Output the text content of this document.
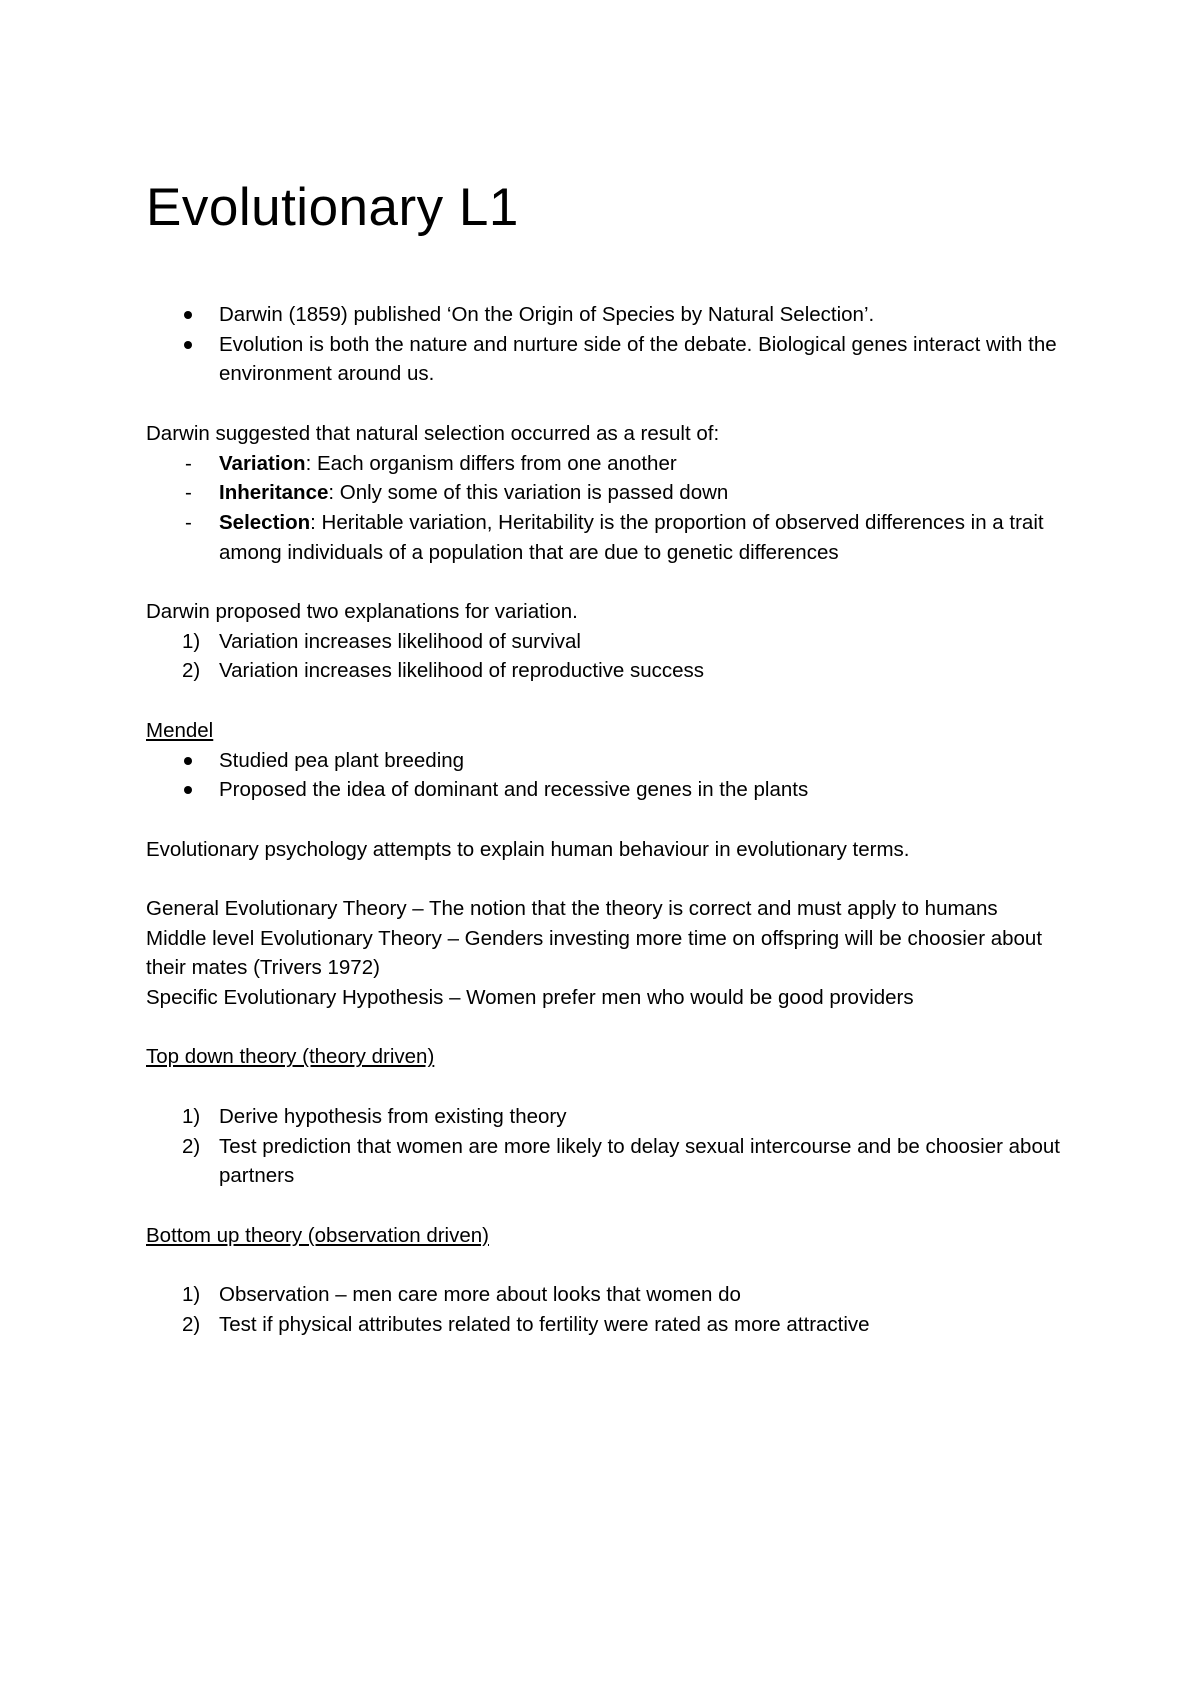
Evolutionary L1
Darwin (1859) published ‘On the Origin of Species by Natural Selection’.
Evolution is both the nature and nurture side of the debate. Biological genes interact with the environment around us.

Darwin suggested that natural selection occurred as a result of:

- Variation: Each organism differs from one another
- Inheritance: Only some of this variation is passed down
- Selection: Heritable variation, Heritability is the proportion of observed differences in a trait among individuals of a population that are due to genetic differences

Darwin proposed two explanations for variation.

1) Variation increases likelihood of survival
2) Variation increases likelihood of reproductive success

Mendel

Studied pea plant breeding
Proposed the idea of dominant and recessive genes in the plants

Evolutionary psychology attempts to explain human behaviour in evolutionary terms.

General Evolutionary Theory – The notion that the theory is correct and must apply to humans

Middle level Evolutionary Theory – Genders investing more time on offspring will be choosier about their mates (Trivers 1972)

Specific Evolutionary Hypothesis – Women prefer men who would be good providers

Top down theory (theory driven)

1) Derive hypothesis from existing theory
2) Test prediction that women are more likely to delay sexual intercourse and be choosier about partners

Bottom up theory (observation driven)

1) Observation – men care more about looks that women do
2) Test if physical attributes related to fertility were rated as more attractive
